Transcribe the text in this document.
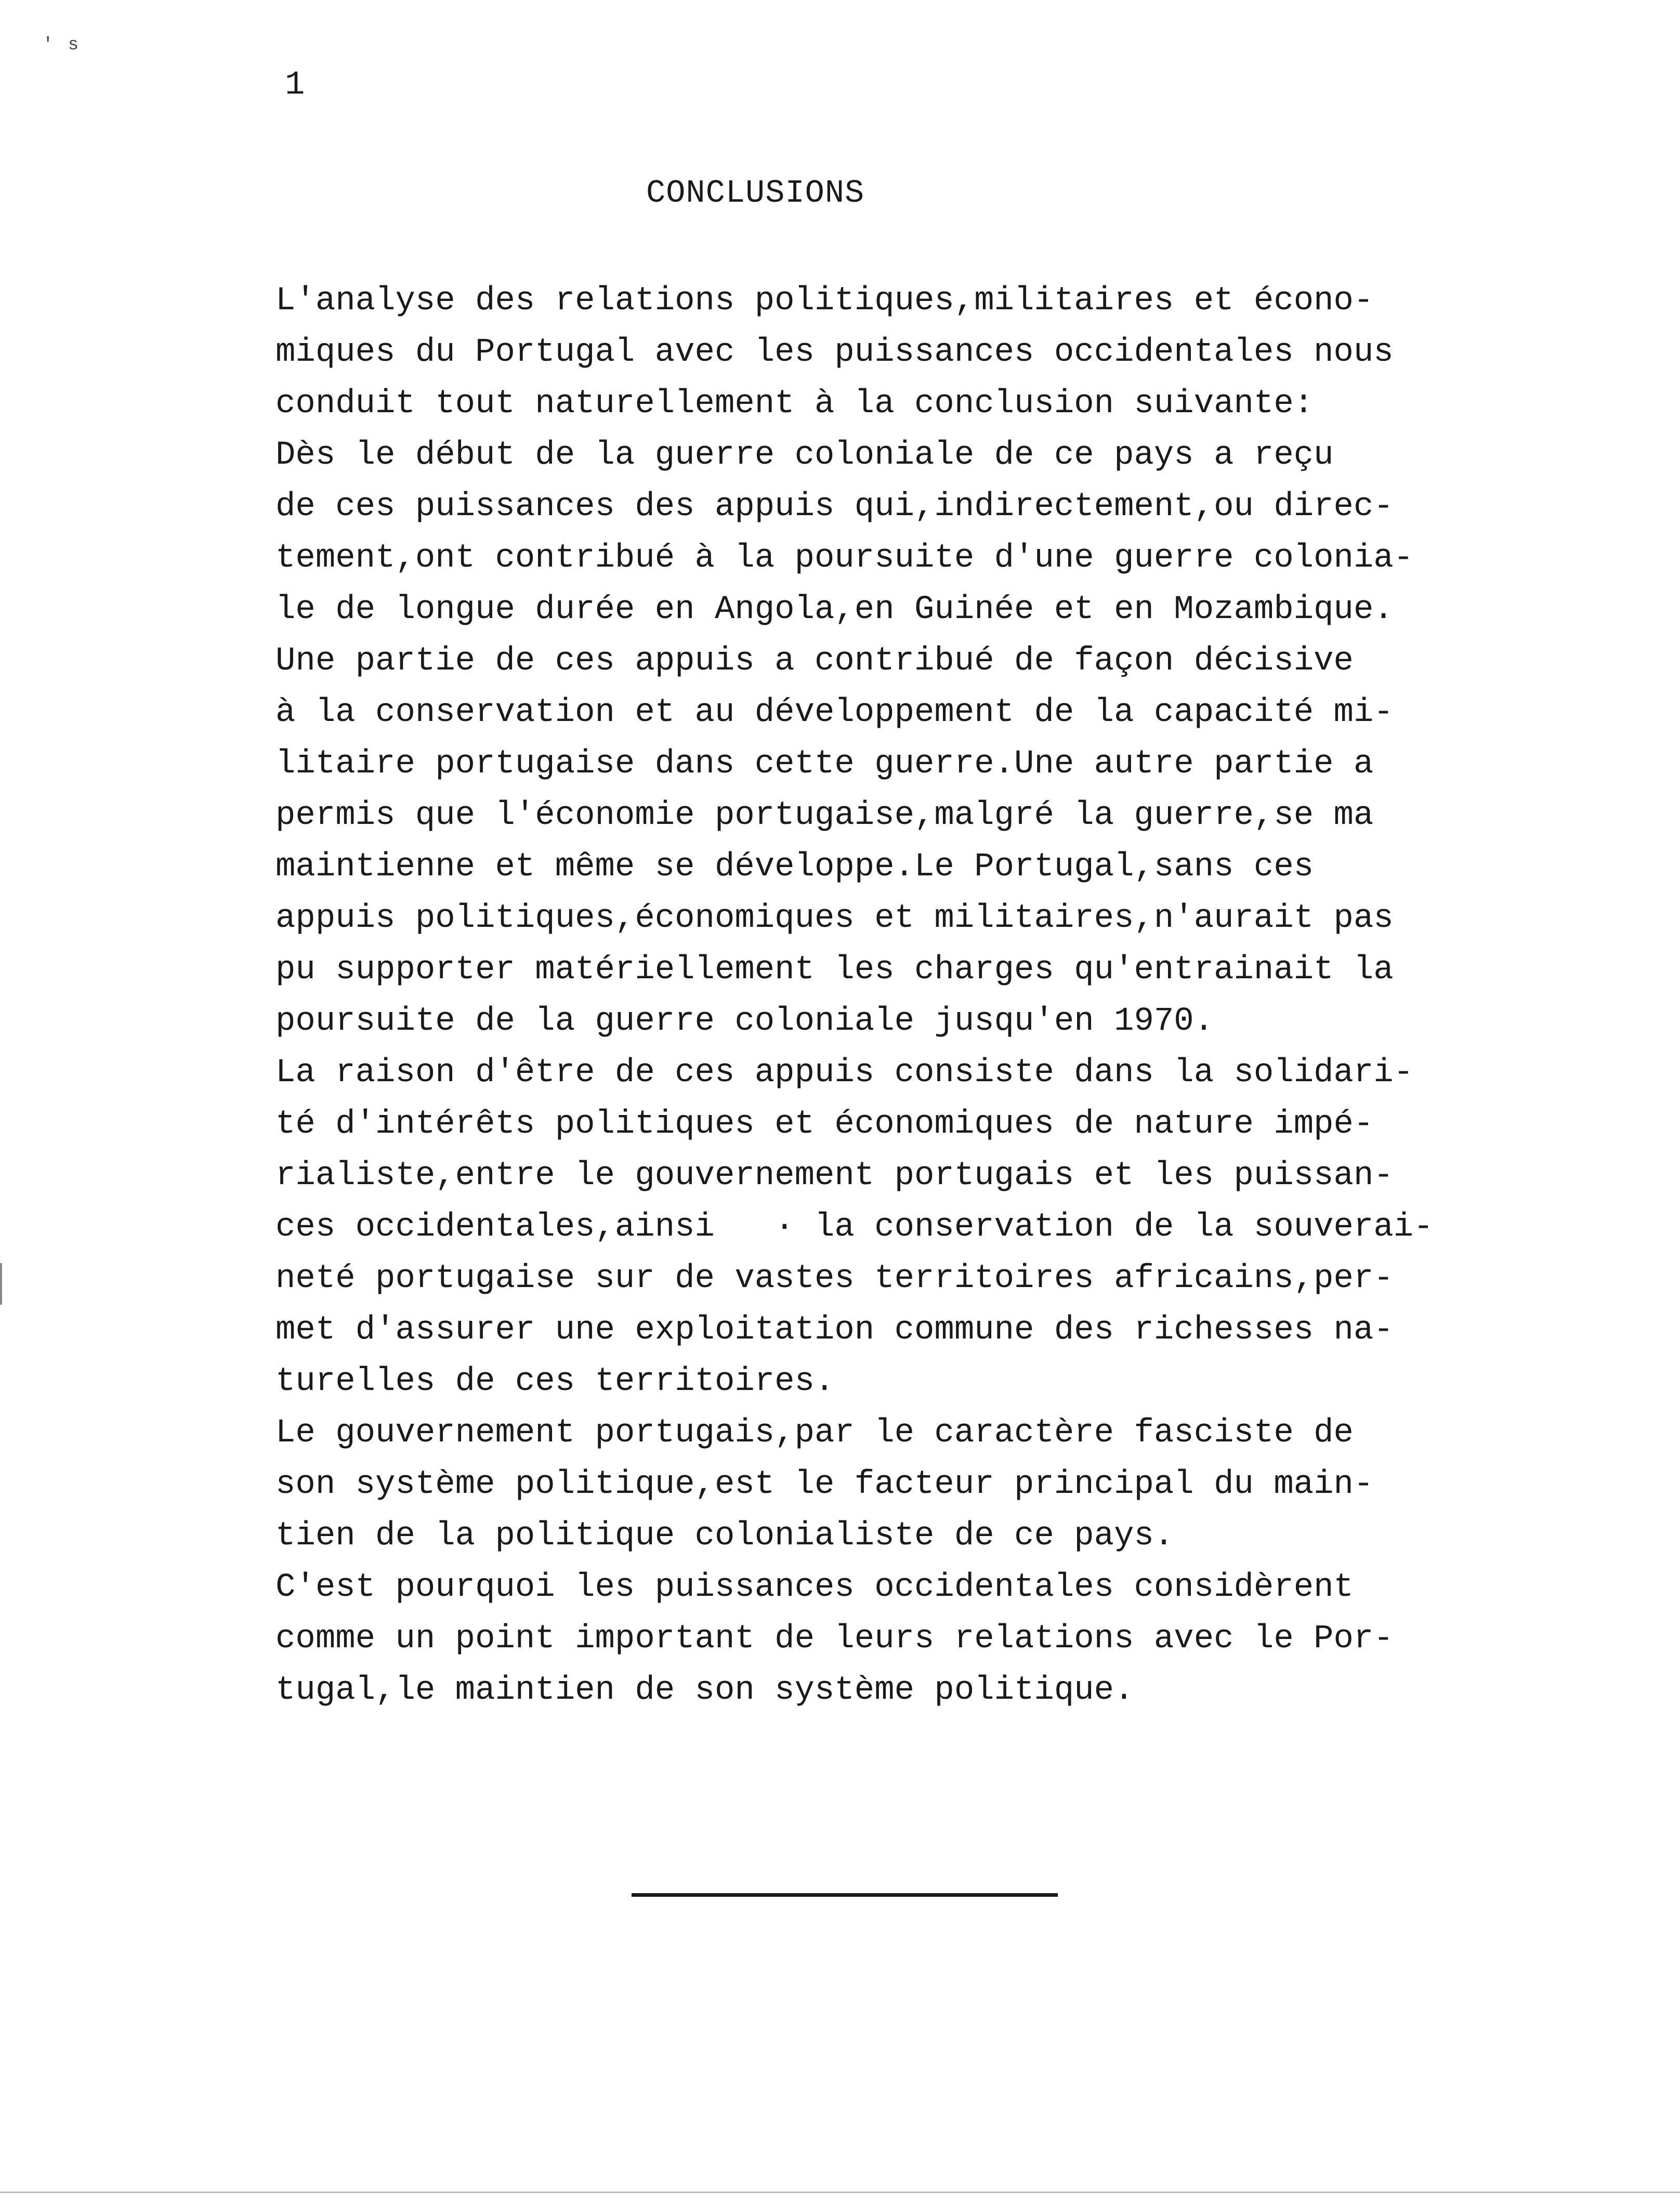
' s
1
CONCLUSIONS
L'analyse des relations politiques,militaires et écono-
miques du Portugal avec les puissances occidentales nous
conduit tout naturellement à la conclusion suivante:
Dès le début de la guerre coloniale de ce pays a reçu
de ces puissances des appuis qui,indirectement,ou direc-
tement,ont contribué à la poursuite d'une guerre colonia-
le de longue durée en Angola,en Guinée et en Mozambique.
Une partie de ces appuis a contribué de façon décisive
à la conservation et au développement de la capacité mi-
litaire portugaise dans cette guerre.Une autre partie a
permis que l'économie portugaise,malgré la guerre,se ma
maintienne et même se développe.Le Portugal,sans ces
appuis politiques,économiques et militaires,n'aurait pas
pu supporter matériellement les charges qu'entrainait la
poursuite de la guerre coloniale jusqu'en 1970.
La raison d'être de ces appuis consiste dans la solidari-
té d'intérêts politiques et économiques de nature impé-
rialiste,entre le gouvernement portugais et les puissan-
ces occidentales,ainsi   · la conservation de la souverai-
neté portugaise sur de vastes territoires africains,per-
met d'assurer une exploitation commune des richesses na-
turelles de ces territoires.
Le gouvernement portugais,par le caractère fasciste de
son système politique,est le facteur principal du main-
tien de la politique colonialiste de ce pays.
C'est pourquoi les puissances occidentales considèrent
comme un point important de leurs relations avec le Por-
tugal,le maintien de son système politique.
